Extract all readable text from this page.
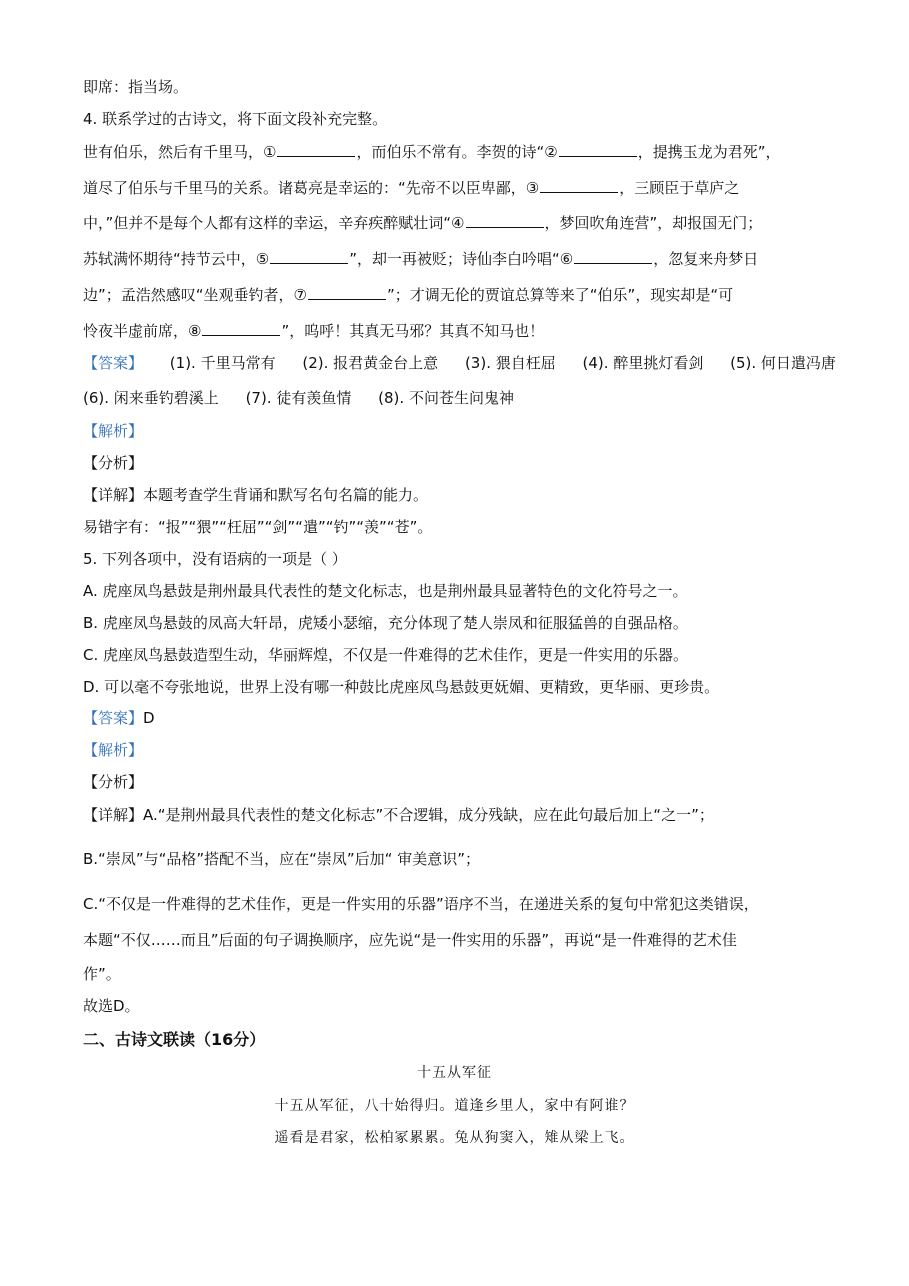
即席：指当场。
4. 联系学过的古诗文，将下面文段补充完整。
世有伯乐，然后有千里马，①	，而伯乐不常有。李贺的诗“②	，提携玉龙为君死”，
道尽了伯乐与千里马的关系。诸葛亮是幸运的：“先帝不以臣卑鄙，③	，三顾臣于草庐之
中，”但并不是每个人都有这样的幸运，辛弃疾醉赋壮词“④	，梦回吹角连营”，却报国无门；
苏轼满怀期待“持节云中，⑤	”，却一再被贬；诗仙李白吟唱“⑥	，忽复来舟梦日
边”；孟浩然感叹“坐观垂钓者，⑦	”；才调无伦的贾谊总算等来了“伯乐”，现实却是“可
怜夜半虚前席，⑧	”，呜呼！其真无马邪？其真不知马也！
【答案】 (1). 千里马常有 (2). 报君黄金台上意 (3). 猥自枉屈 (4). 醉里挑灯看剑 (5). 何日遣冯唐
(6). 闲来垂钓碧溪上 (7). 徒有羡鱼情 (8). 不问苍生问鬼神
【解析】
【分析】
【详解】本题考查学生背诵和默写名句名篇的能力。
易错字有：“报”“猥”“枉屈”“剑”“遣”“钓”“羡”“苍”。
5. 下列各项中，没有语病的一项是（ ）
A. 虎座凤鸟悬鼓是荆州最具代表性的楚文化标志，也是荆州最具显著特色的文化符号之一。
B. 虎座凤鸟悬鼓的凤高大轩昂，虎矮小瑟缩，充分体现了楚人崇凤和征服猛兽的自强品格。
C. 虎座凤鸟悬鼓造型生动，华丽辉煌，不仅是一件难得的艺术佳作，更是一件实用的乐器。
D. 可以毫不夸张地说，世界上没有哪一种鼓比虎座凤鸟悬鼓更妩媚、更精致，更华丽、更珍贵。
【答案】D
【解析】
【分析】
【详解】A.“是荆州最具代表性的楚文化标志”不合逻辑，成分残缺，应在此句最后加上“之一”；
B.“崇凤”与“品格”搭配不当，应在“崇凤”后加“ 审美意识”；
C.“不仅是一件难得的艺术佳作，更是一件实用的乐器”语序不当，在递进关系的复句中常犯这类错误，
本题“不仅……而且”后面的句子调换顺序，应先说“是一件实用的乐器”，再说“是一件难得的艺术佳
作”。
故选D。
二、古诗文联读（16分）
十五从军征
十五从军征，八十始得归。道逢乡里人，家中有阿谁？
遥看是君家，松柏冢累累。兔从狗窦入，雉从梁上飞。
